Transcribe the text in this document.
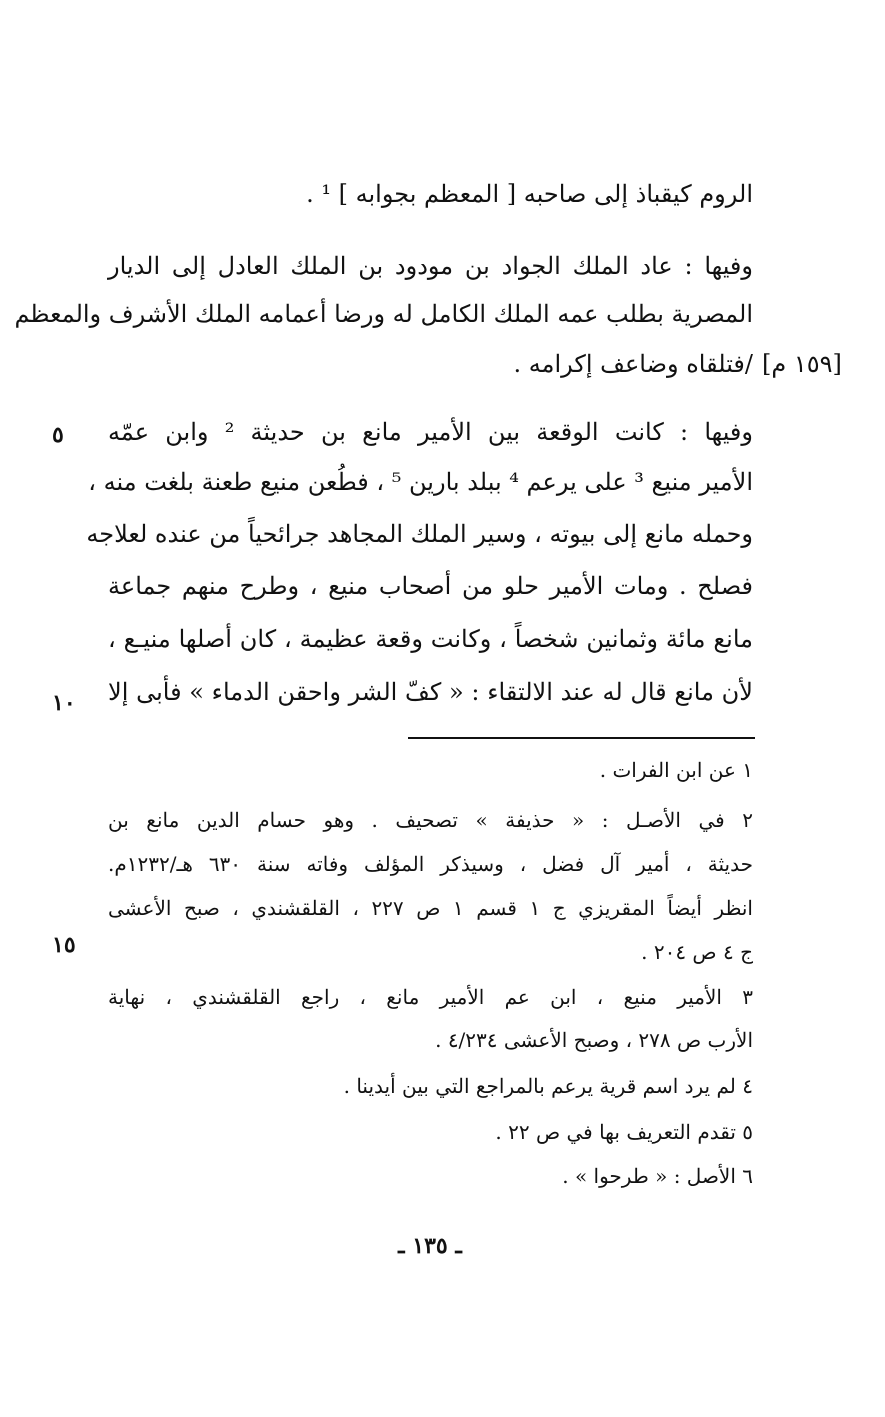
الروم كيقباذ إلى صاحبه [ المعظم بجوابه ] ¹ .
وفيها : عاد الملك الجواد بن مودود بن الملك العادل إلى الديار
المصرية بطلب عمه الملك الكامل له ورضا أعمامه الملك الأشرف والمعظم
/فتلقاه وضاعف إكرامه . [١٥٩ م]
وفيها : كانت الوقعة بين الأمير مانع بن حديثة ² وابن عمّه
٥
الأمير منيع ³ على يرعم ⁴ ببلد بارين ⁵ ، فطُعن منيع طعنة بلغت منه ،
وحمله مانع إلى بيوته ، وسير الملك المجاهد جرائحياً من عنده لعلاجه
فصلح . ومات الأمير حلو من أصحاب منيع ، وطرح منهم جماعة
مانع مائة وثمانين شخصاً ، وكانت وقعة عظيمة ، كان أصلها منيـع ،
لأن مانع قال له عند الالتقاء : « كفّ الشر واحقن الدماء » فأبى إلا
١٠
١ عن ابن الفرات .
٢ في الأصـل : « حذيفة » تصحيف . وهو حسام الدين مانع بن
حديثة ، أمير آل فضل ، وسيذكر المؤلف وفاته سنة ٦٣٠ هـ/١٢٣٢م.
انظر أيضاً المقريزي ج ١ قسم ١ ص ٢٢٧ ، القلقشندي ، صبح الأعشى
ج ٤ ص ٢٠٤ .
١٥
٣ الأمير منيع ، ابن عم الأمير مانع ، راجع القلقشندي ، نهاية
الأرب ص ٢٧٨ ، وصبح الأعشى ٤/٢٣٤ .
٤ لم يرد اسم قرية يرعم بالمراجع التي بين أيدينا .
٥ تقدم التعريف بها في ص ٢٢ .
٦ الأصل : « طرحوا » .
ـ ١٣٥ ـ
